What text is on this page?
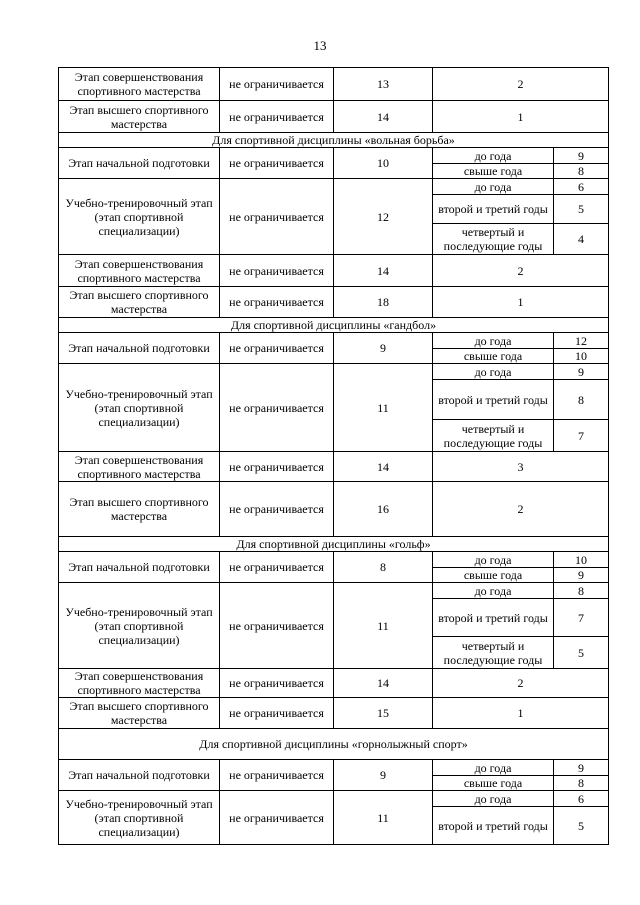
13
Этап совершенствования спортивного мастерства	не ограничивается	13	2	
Этап высшего спортивного мастерства	не ограничивается	14	1	
Для спортивной дисциплины «вольная борьба»				
Этап начальной подготовки	не ограничивается	10	до года	9
			свыше года	8
Учебно-тренировочный этап (этап спортивной специализации)	не ограничивается	12	до года	6
			второй и третий годы	5
			четвертый и последующие годы	4
Этап совершенствования спортивного мастерства	не ограничивается	14	2	
Этап высшего спортивного мастерства	не ограничивается	18	1	
Для спортивной дисциплины «гандбол»				
Этап начальной подготовки	не ограничивается	9	до года	12
			свыше года	10
Учебно-тренировочный этап (этап спортивной специализации)	не ограничивается	11	до года	9
			второй и третий годы	8
			четвертый и последующие годы	7
Этап совершенствования спортивного мастерства	не ограничивается	14	3	
Этап высшего спортивного мастерства	не ограничивается	16	2	
Для спортивной дисциплины «гольф»				
Этап начальной подготовки	не ограничивается	8	до года	10
			свыше года	9
Учебно-тренировочный этап (этап спортивной специализации)	не ограничивается	11	до года	8
			второй и третий годы	7
			четвертый и последующие годы	5
Этап совершенствования спортивного мастерства	не ограничивается	14	2	
Этап высшего спортивного мастерства	не ограничивается	15	1	
Для спортивной дисциплины «горнолыжный спорт»				
Этап начальной подготовки	не ограничивается	9	до года	9
			свыше года	8
Учебно-тренировочный этап (этап спортивной специализации)	не ограничивается	11	до года	6
			второй и третий годы	5
